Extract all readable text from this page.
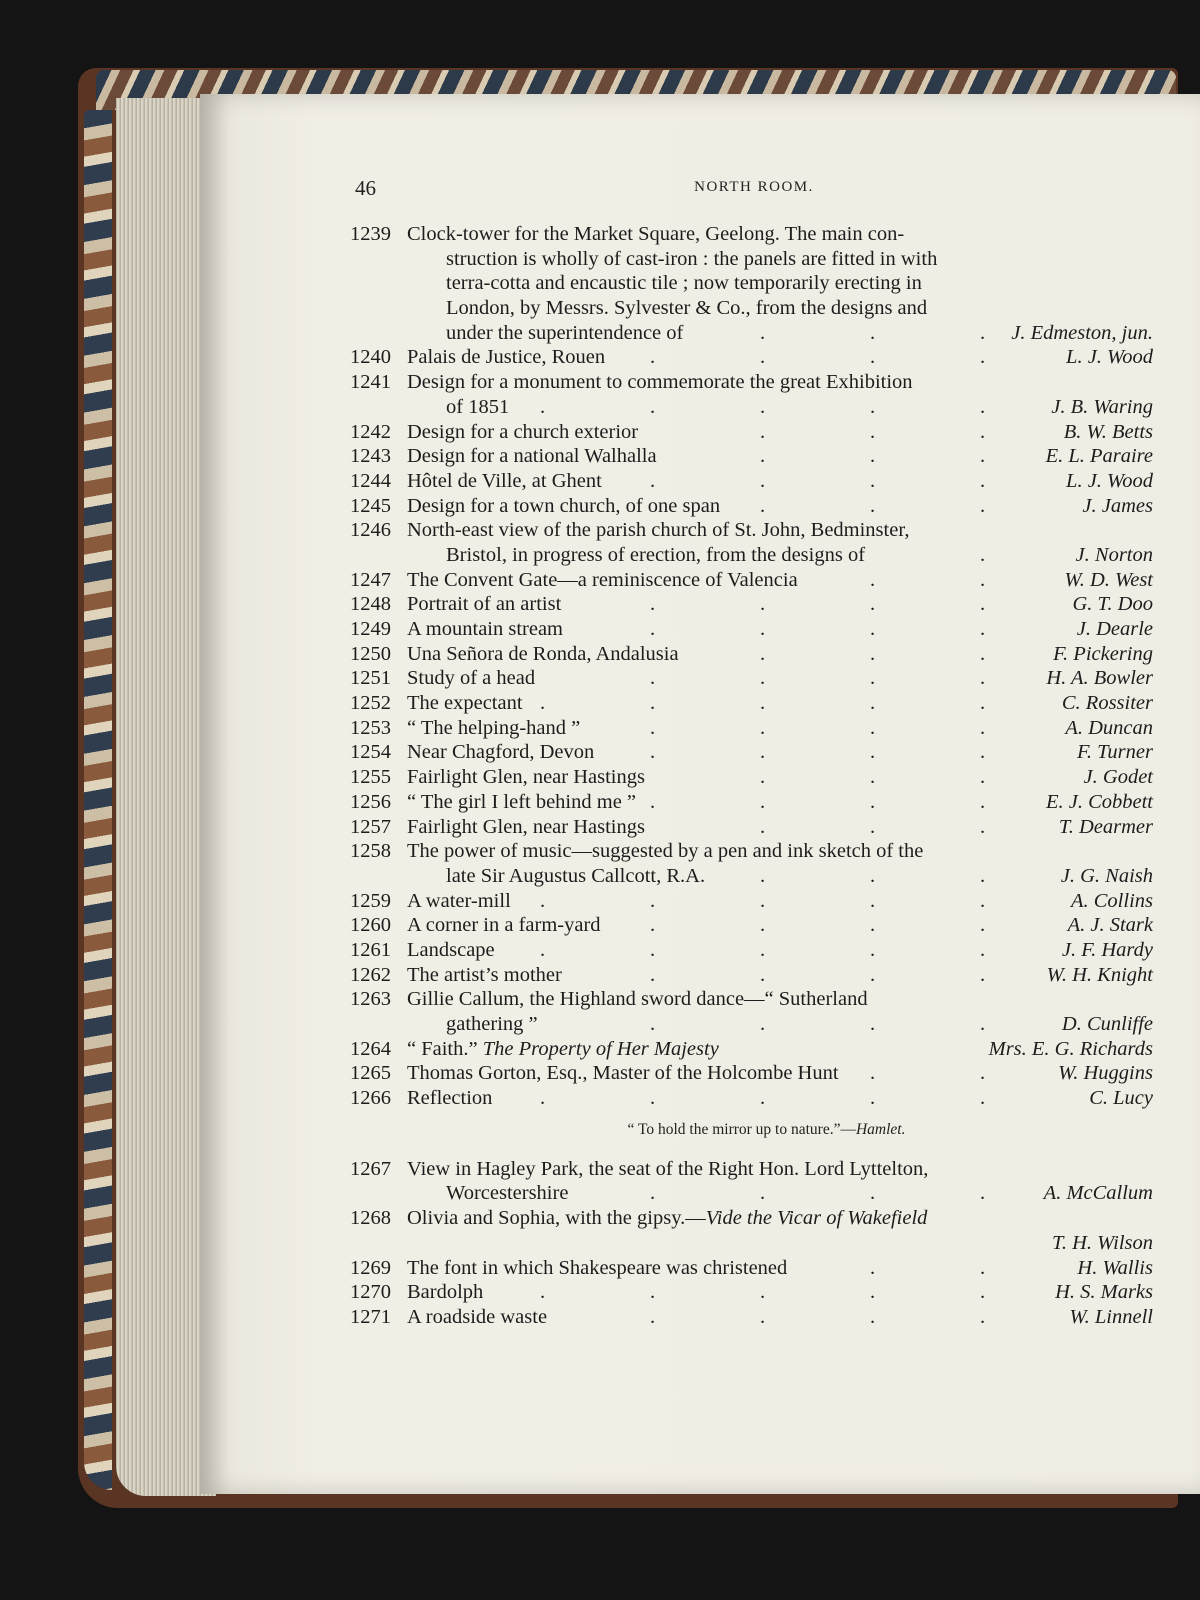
46	NORTH ROOM.
1239 Clock-tower for the Market Square, Geelong. The main con-
struction is wholly of cast-iron : the panels are fitted in with
terra-cotta and encaustic tile ; now temporarily erecting in
London, by Messrs. Sylvester & Co., from the designs and
under the superintendence of	J. Edmeston, jun.
.	.	.
1240 Palais de Justice, Rouen	L. J. Wood
.	.	.	.
1241 Design for a monument to commemorate the great Exhibition
of 1851	J. B. Waring
.	.	.	.	.
1242 Design for a church exterior	B. W. Betts
.	.	.
1243 Design for a national Walhalla	E. L. Paraire
.	.	.
1244 Hôtel de Ville, at Ghent	L. J. Wood
.	.	.	.
1245 Design for a town church, of one span	J. James
.	.	.
1246 North-east view of the parish church of St. John, Bedminster,
Bristol, in progress of erection, from the designs of	J. Norton
.
1247 The Convent Gate—a reminiscence of Valencia	W. D. West
.	.
1248 Portrait of an artist	G. T. Doo
.	.	.	.
1249 A mountain stream	J. Dearle
.	.	.	.
1250 Una Señora de Ronda, Andalusia	F. Pickering
.	.	.
1251 Study of a head	H. A. Bowler
.	.	.	.
1252 The expectant	C. Rossiter
.	.	.	.	.
1253 “ The helping-hand ”	A. Duncan
.	.	.	.
1254 Near Chagford, Devon	F. Turner
.	.	.	.
1255 Fairlight Glen, near Hastings	J. Godet
.	.	.
1256 “ The girl I left behind me ”	E. J. Cobbett
.	.	.	.
1257 Fairlight Glen, near Hastings	T. Dearmer
.	.	.
1258 The power of music—suggested by a pen and ink sketch of the
late Sir Augustus Callcott, R.A.	J. G. Naish
.	.	.
1259 A water-mill	A. Collins
.	.	.	.	.
1260 A corner in a farm-yard	A. J. Stark
.	.	.	.
1261 Landscape	J. F. Hardy
.	.	.	.	.
1262 The artist’s mother	W. H. Knight
.	.	.	.
1263 Gillie Callum, the Highland sword dance—“ Sutherland
gathering ”	D. Cunliffe
.	.	.	.
1264 “ Faith.” The Property of Her Majesty	Mrs. E. G. Richards
1265 Thomas Gorton, Esq., Master of the Holcombe Hunt	W. Huggins
.	.
1266 Reflection	C. Lucy
.	.	.	.	.
“ To hold the mirror up to nature.”—Hamlet.
1267 View in Hagley Park, the seat of the Right Hon. Lord Lyttelton,
Worcestershire	A. McCallum
.	.	.	.
1268 Olivia and Sophia, with the gipsy.—Vide the Vicar of Wakefield
T. H. Wilson
1269 The font in which Shakespeare was christened	H. Wallis
.	.
1270 Bardolph	H. S. Marks
.	.	.	.	.
1271 A roadside waste	W. Linnell
.	.	.	.
